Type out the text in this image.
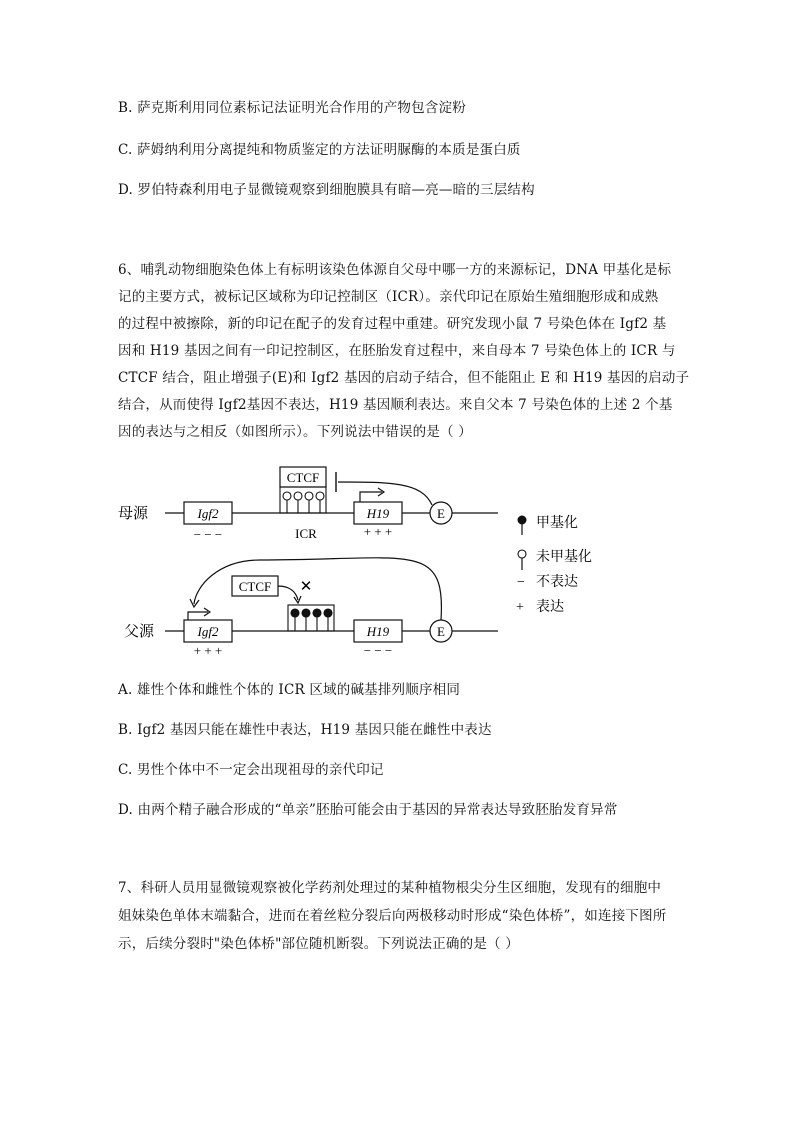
B. 萨克斯利用同位素标记法证明光合作用的产物包含淀粉
C. 萨姆纳利用分离提纯和物质鉴定的方法证明脲酶的本质是蛋白质
D. 罗伯特森利用电子显微镜观察到细胞膜具有暗—亮—暗的三层结构
6、哺乳动物细胞染色体上有标明该染色体源自父母中哪一方的来源标记，DNA 甲基化是标
记的主要方式，被标记区域称为印记控制区（ICR）。亲代印记在原始生殖细胞形成和成熟
的过程中被擦除，新的印记在配子的发育过程中重建。研究发现小鼠 7 号染色体在 Igf2 基
因和 H19 基因之间有一印记控制区，在胚胎发育过程中，来自母本 7 号染色体上的 ICR 与
CTCF 结合，阻止增强子(E)和 Igf2 基因的启动子结合，但不能阻止 E 和 H19 基因的启动子
结合，从而使得 Igf2基因不表达，H19 基因顺利表达。来自父本 7 号染色体的上述 2 个基
因的表达与之相反（如图所示）。下列说法中错误的是（ ）
母源	Igf2
− − −
CTCF
ICR
H19
+ + +
E
父源	Igf2
+ + +
CTCF ✕
H19
− − −
E
甲基化
未甲基化
− 不表达
+ 表达
A. 雄性个体和雌性个体的 ICR 区域的碱基排列顺序相同
B. Igf2 基因只能在雄性中表达，H19 基因只能在雌性中表达
C. 男性个体中不一定会出现祖母的亲代印记
D. 由两个精子融合形成的“单亲”胚胎可能会由于基因的异常表达导致胚胎发育异常
7、科研人员用显微镜观察被化学药剂处理过的某种植物根尖分生区细胞，发现有的细胞中
姐妹染色单体末端黏合，进而在着丝粒分裂后向两极移动时形成“染色体桥”，如连接下图所
示，后续分裂时"染色体桥"部位随机断裂。下列说法正确的是（ ）
